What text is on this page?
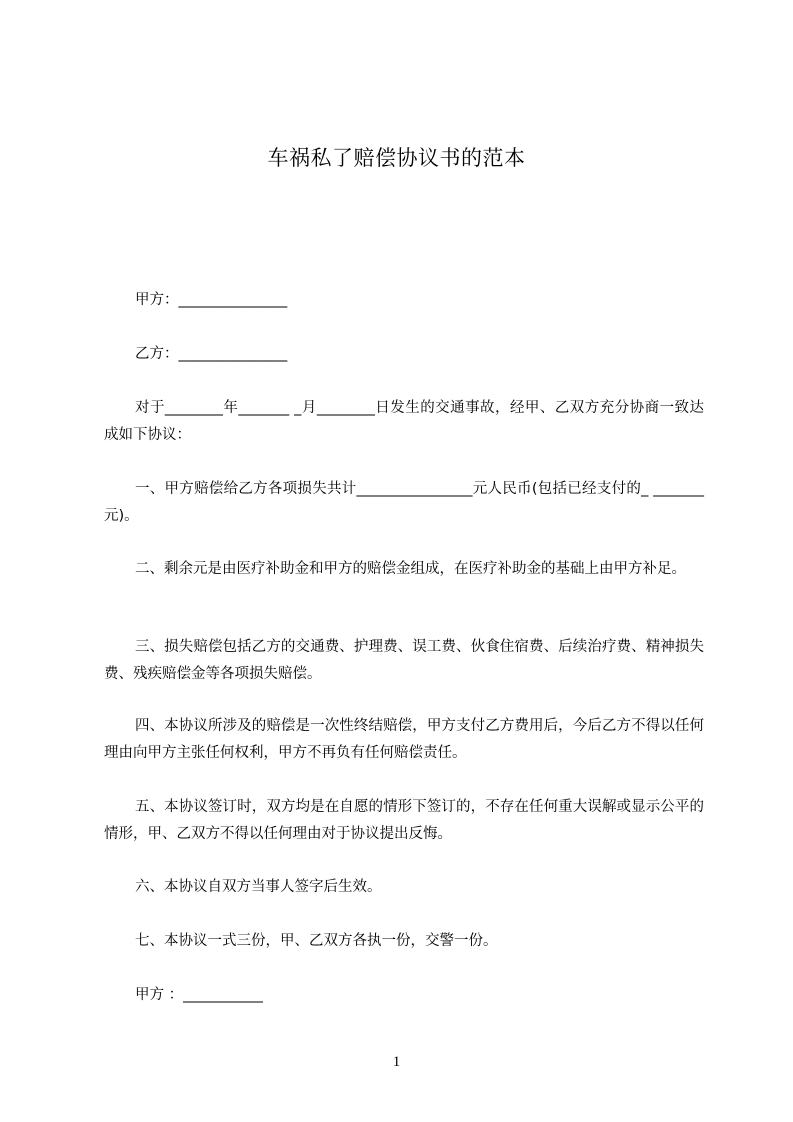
车祸私了赔偿协议书的范本
甲方：_______________
乙方：_______________
对于________年_______ _月________日发生的交通事故，经甲、乙双方充分协商一致达成如下协议：
一、甲方赔偿给乙方各项损失共计________________元人民币(包括已经支付的_ _______元)。
二、剩余元是由医疗补助金和甲方的赔偿金组成，在医疗补助金的基础上由甲方补足。
三、损失赔偿包括乙方的交通费、护理费、误工费、伙食住宿费、后续治疗费、精神损失费、残疾赔偿金等各项损失赔偿。
四、本协议所涉及的赔偿是一次性终结赔偿，甲方支付乙方费用后，今后乙方不得以任何理由向甲方主张任何权利，甲方不再负有任何赔偿责任。
五、本协议签订时，双方均是在自愿的情形下签订的，不存在任何重大误解或显示公平的情形，甲、乙双方不得以任何理由对于协议提出反悔。
六、本协议自双方当事人签字后生效。
七、本协议一式三份，甲、乙双方各执一份，交警一份。
甲方 ：___________
1
